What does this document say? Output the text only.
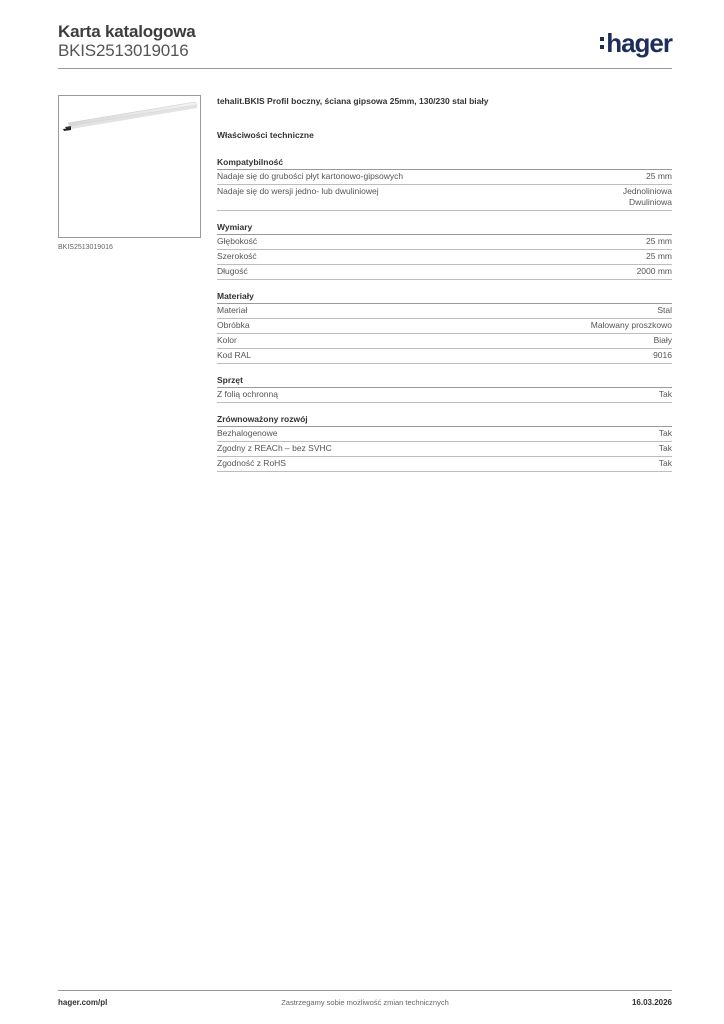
Karta katalogowa
BKIS2513019016	hager
BKIS2513019016
tehalit.BKIS Profil boczny, ściana gipsowa 25mm, 130/230 stal biały
Właściwości techniczne
Kompatybilność
Nadaje się do grubości płyt kartonowo-gipsowych	25 mm
Nadaje się do wersji jedno- lub dwuliniowej	Jednoliniowa
Dwuliniowa
Wymiary
Głębokość	25 mm
Szerokość	25 mm
Długość	2000 mm
Materiały
Materiał	Stal
Obróbka	Malowany proszkowo
Kolor	Biały
Kod RAL	9016
Sprzęt
Z folią ochronną	Tak
Zrównoważony rozwój
Bezhalogenowe	Tak
Zgodny z REACh – bez SVHC	Tak
Zgodność z RoHS	Tak
hager.com/pl	Zastrzegamy sobie możliwość zmian technicznych	16.03.2026
